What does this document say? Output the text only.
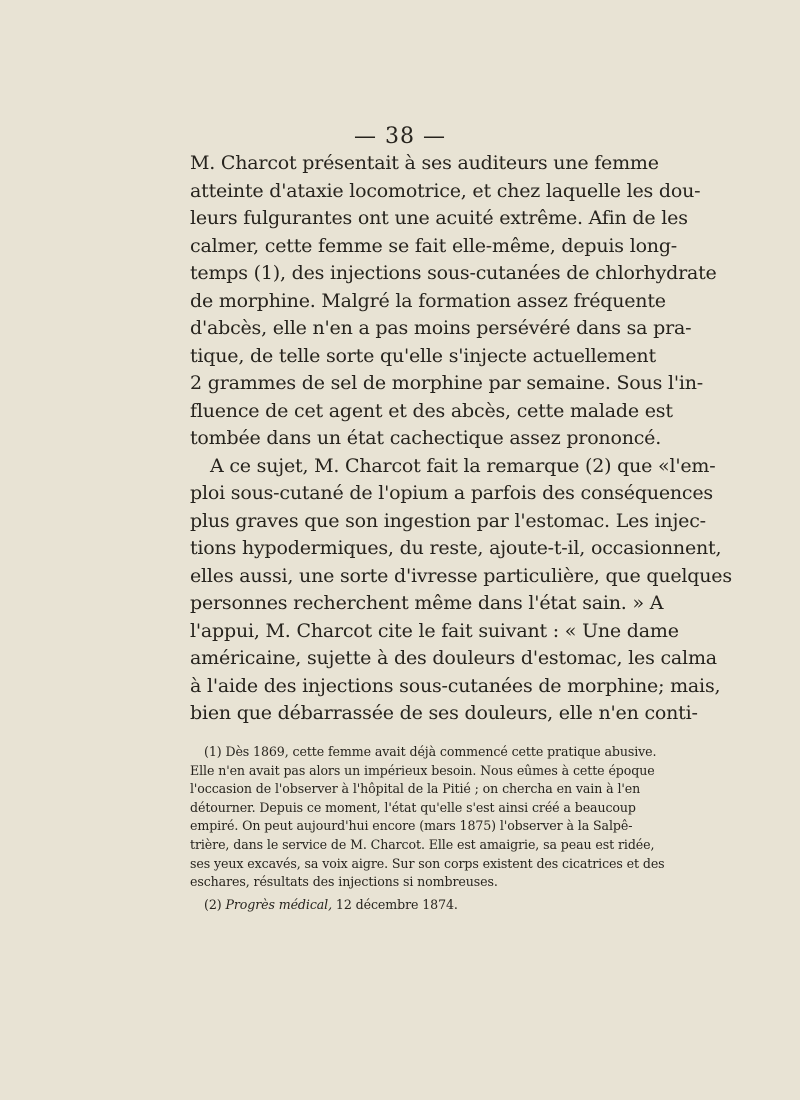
— 38 —
M. Charcot présentait à ses auditeurs une femme
atteinte d'ataxie locomotrice, et chez laquelle les dou-
leurs fulgurantes ont une acuité extrême. Afin de les
calmer, cette femme se fait elle-même, depuis long-
temps (1), des injections sous-cutanées de chlorhydrate
de morphine. Malgré la formation assez fréquente
d'abcès, elle n'en a pas moins persévéré dans sa pra-
tique, de telle sorte qu'elle s'injecte actuellement
2 grammes de sel de morphine par semaine. Sous l'in-
fluence de cet agent et des abcès, cette malade est
tombée dans un état cachectique assez prononcé.
A ce sujet, M. Charcot fait la remarque (2) que «l'em-
ploi sous-cutané de l'opium a parfois des conséquences
plus graves que son ingestion par l'estomac. Les injec-
tions hypodermiques, du reste, ajoute-t-il, occasionnent,
elles aussi, une sorte d'ivresse particulière, que quelques
personnes recherchent même dans l'état sain. » A
l'appui, M. Charcot cite le fait suivant : « Une dame
américaine, sujette à des douleurs d'estomac, les calma
à l'aide des injections sous-cutanées de morphine; mais,
bien que débarrassée de ses douleurs, elle n'en conti-
(1) Dès 1869, cette femme avait déjà commencé cette pratique abusive.
Elle n'en avait pas alors un impérieux besoin. Nous eûmes à cette époque
l'occasion de l'observer à l'hôpital de la Pitié ; on chercha en vain à l'en
détourner. Depuis ce moment, l'état qu'elle s'est ainsi créé a beaucoup
empiré. On peut aujourd'hui encore (mars 1875) l'observer à la Salpê-
trière, dans le service de M. Charcot. Elle est amaigrie, sa peau est ridée,
ses yeux excavés, sa voix aigre. Sur son corps existent des cicatrices et des
eschares, résultats des injections si nombreuses.
(2) Progrès médical, 12 décembre 1874.
